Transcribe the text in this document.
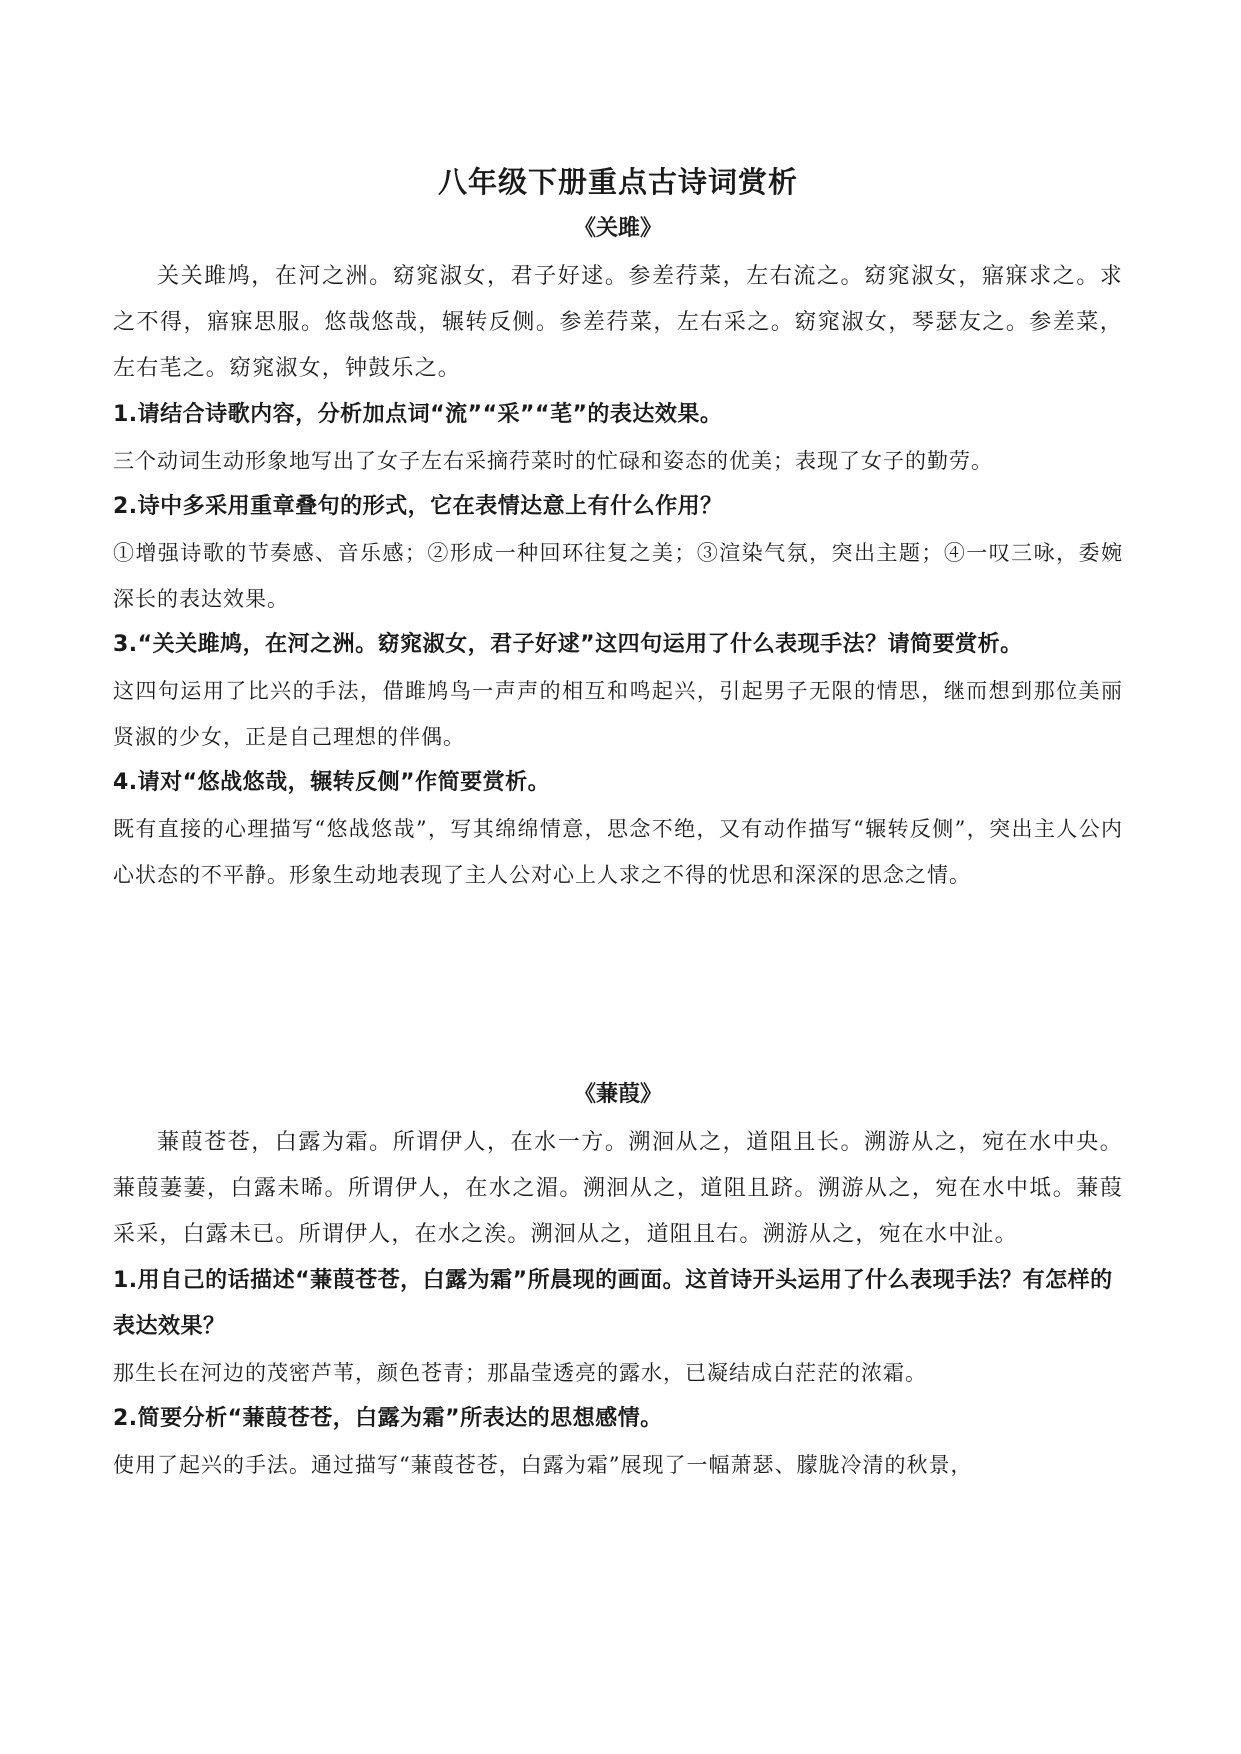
八年级下册重点古诗词赏析
《关雎》

关关雎鸠，在河之洲。窈窕淑女，君子好逑。参差荇菜，左右流之。窈窕淑女，寤寐求之。求之不得，寤寐思服。悠哉悠哉，辗转反侧。参差荇菜，左右采之。窈窕淑女，琴瑟友之。参差菜，左右芼之。窈窕淑女，钟鼓乐之。

1.请结合诗歌内容，分析加点词“流”“采”“芼”的表达效果。

三个动词生动形象地写出了女子左右采摘荇菜时的忙碌和姿态的优美；表现了女子的勤劳。

2.诗中多采用重章叠句的形式，它在表情达意上有什么作用？

①增强诗歌的节奏感、音乐感；②形成一种回环往复之美；③渲染气氛，突出主题；④一叹三咏，委婉深长的表达效果。

3.“关关雎鸠，在河之洲。窈窕淑女，君子好逑”这四句运用了什么表现手法？请简要赏析。

这四句运用了比兴的手法，借雎鸠鸟一声声的相互和鸣起兴，引起男子无限的情思，继而想到那位美丽贤淑的少女，正是自己理想的伴偶。

4.请对“悠战悠哉，辗转反侧”作简要赏析。

既有直接的心理描写“悠战悠哉”，写其绵绵情意，思念不绝，又有动作描写“辗转反侧”，突出主人公内心状态的不平静。形象生动地表现了主人公对心上人求之不得的忧思和深深的思念之情。

《蒹葭》

蒹葭苍苍，白露为霜。所谓伊人，在水一方。溯洄从之，道阻且长。溯游从之，宛在水中央。蒹葭萋萋，白露未晞。所谓伊人，在水之湄。溯洄从之，道阻且跻。溯游从之，宛在水中坻。蒹葭采采，白露未已。所谓伊人，在水之涘。溯洄从之，道阻且右。溯游从之，宛在水中沚。

1.用自己的话描述“蒹葭苍苍，白露为霜”所晨现的画面。这首诗开头运用了什么表现手法？有怎样的表达效果？

那生长在河边的茂密芦苇，颜色苍青；那晶莹透亮的露水，已凝结成白茫茫的浓霜。

2.简要分析“蒹葭苍苍，白露为霜”所表达的思想感情。

使用了起兴的手法。通过描写“蒹葭苍苍，白露为霜”展现了一幅萧瑟、朦胧冷清的秋景，
